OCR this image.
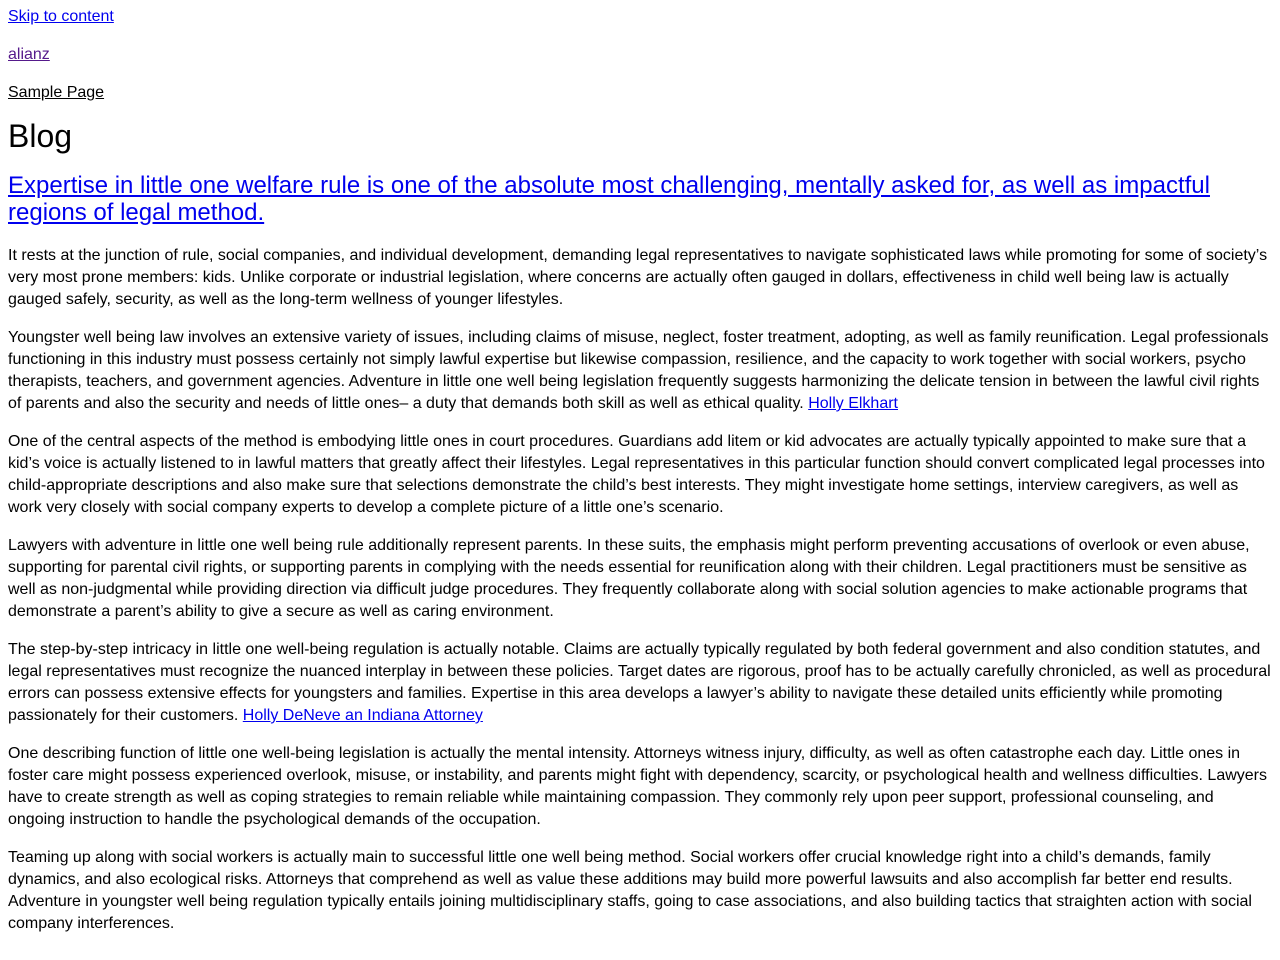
Skip to content

alianz

Sample Page
Blog
Expertise in little one welfare rule is one of the absolute most challenging, mentally asked for, as well as impactful regions of legal method.

It rests at the junction of rule, social companies, and individual development, demanding legal representatives to navigate sophisticated laws while promoting for some of society’s very most prone members: kids. Unlike corporate or industrial legislation, where concerns are actually often gauged in dollars, effectiveness in child well being law is actually gauged safely, security, as well as the long-term wellness of younger lifestyles.

Youngster well being law involves an extensive variety of issues, including claims of misuse, neglect, foster treatment, adopting, as well as family reunification. Legal professionals functioning in this industry must possess certainly not simply lawful expertise but likewise compassion, resilience, and the capacity to work together with social workers, psycho therapists, teachers, and government agencies. Adventure in little one well being legislation frequently suggests harmonizing the delicate tension in between the lawful civil rights of parents and also the security and needs of little ones– a duty that demands both skill as well as ethical quality. Holly Elkhart

One of the central aspects of the method is embodying little ones in court procedures. Guardians add litem or kid advocates are actually typically appointed to make sure that a kid’s voice is actually listened to in lawful matters that greatly affect their lifestyles. Legal representatives in this particular function should convert complicated legal processes into child-appropriate descriptions and also make sure that selections demonstrate the child’s best interests. They might investigate home settings, interview caregivers, as well as work very closely with social company experts to develop a complete picture of a little one’s scenario.

Lawyers with adventure in little one well being rule additionally represent parents. In these suits, the emphasis might perform preventing accusations of overlook or even abuse, supporting for parental civil rights, or supporting parents in complying with the needs essential for reunification along with their children. Legal practitioners must be sensitive as well as non-judgmental while providing direction via difficult judge procedures. They frequently collaborate along with social solution agencies to make actionable programs that demonstrate a parent’s ability to give a secure as well as caring environment.

The step-by-step intricacy in little one well-being regulation is actually notable. Claims are actually typically regulated by both federal government and also condition statutes, and legal representatives must recognize the nuanced interplay in between these policies. Target dates are rigorous, proof has to be actually carefully chronicled, as well as procedural errors can possess extensive effects for youngsters and families. Expertise in this area develops a lawyer’s ability to navigate these detailed units efficiently while promoting passionately for their customers. Holly DeNeve an Indiana Attorney

One describing function of little one well-being legislation is actually the mental intensity. Attorneys witness injury, difficulty, as well as often catastrophe each day. Little ones in foster care might possess experienced overlook, misuse, or instability, and parents might fight with dependency, scarcity, or psychological health and wellness difficulties. Lawyers have to create strength as well as coping strategies to remain reliable while maintaining compassion. They commonly rely upon peer support, professional counseling, and ongoing instruction to handle the psychological demands of the occupation.

Teaming up along with social workers is actually main to successful little one well being method. Social workers offer crucial knowledge right into a child’s demands, family dynamics, and also ecological risks. Attorneys that comprehend as well as value these additions may build more powerful lawsuits and also accomplish far better end results. Adventure in youngster well being regulation typically entails joining multidisciplinary staffs, going to case associations, and also building tactics that straighten action with social company interferences.
